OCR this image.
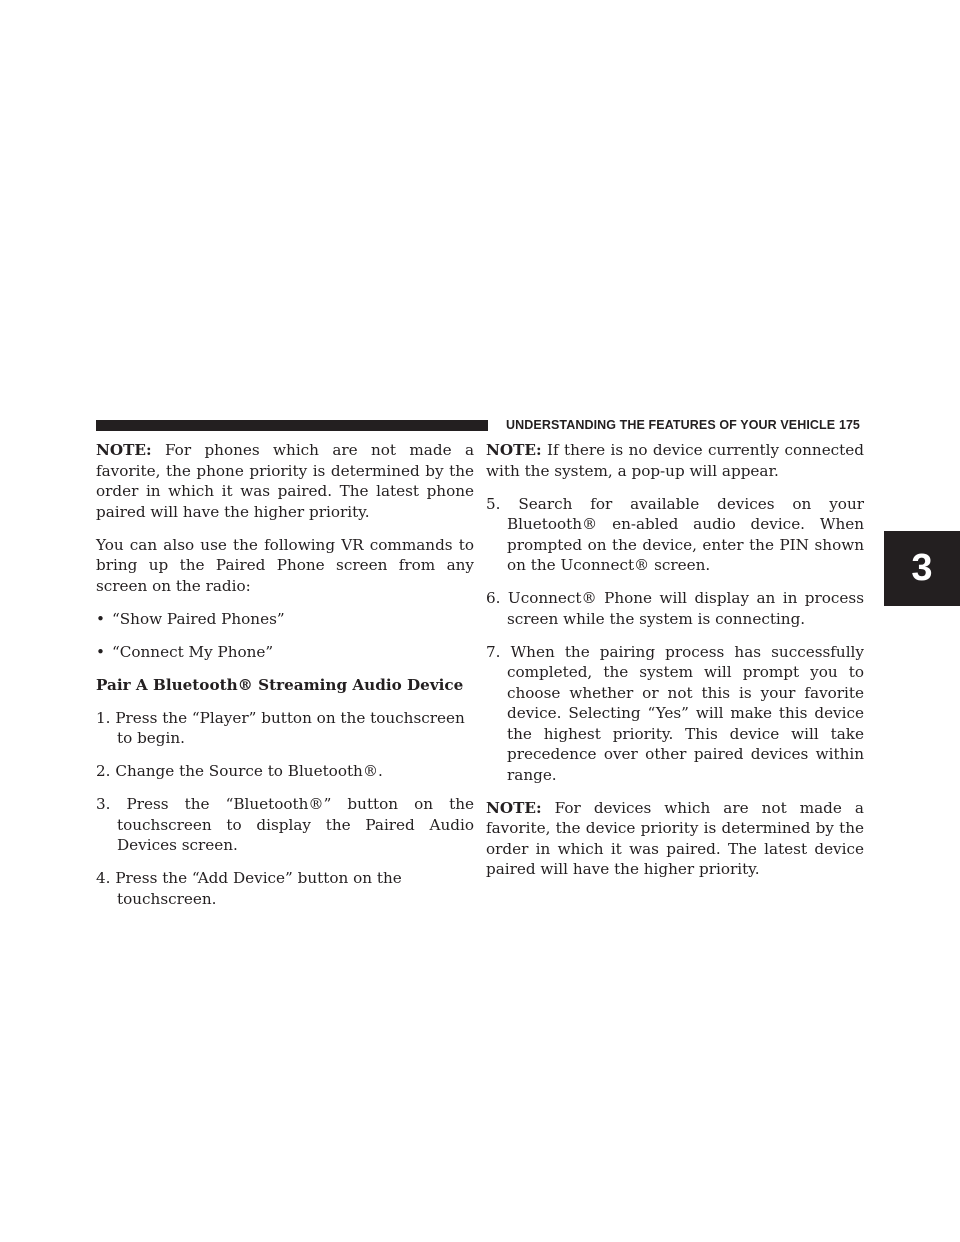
UNDERSTANDING THE FEATURES OF YOUR VEHICLE 175
3

NOTE: For phones which are not made a favorite, the phone priority is determined by the order in which it was paired. The latest phone paired will have the higher priority.

You can also use the following VR commands to bring up the Paired Phone screen from any screen on the radio:

• “Show Paired Phones”

• “Connect My Phone”

Pair A Bluetooth® Streaming Audio Device

1. Press the “Player” button on the touchscreen to begin.

2. Change the Source to Bluetooth®.

3. Press the “Bluetooth®” button on the touchscreen to display the Paired Audio Devices screen.

4. Press the “Add Device” button on the touchscreen.

NOTE: If there is no device currently connected with the system, a pop-up will appear.

5. Search for available devices on your Bluetooth® en-abled audio device. When prompted on the device, enter the PIN shown on the Uconnect® screen.

6. Uconnect® Phone will display an in process screen while the system is connecting.

7. When the pairing process has successfully completed, the system will prompt you to choose whether or not this is your favorite device. Selecting “Yes” will make this device the highest priority. This device will take precedence over other paired devices within range.

NOTE: For devices which are not made a favorite, the device priority is determined by the order in which it was paired. The latest device paired will have the higher priority.
